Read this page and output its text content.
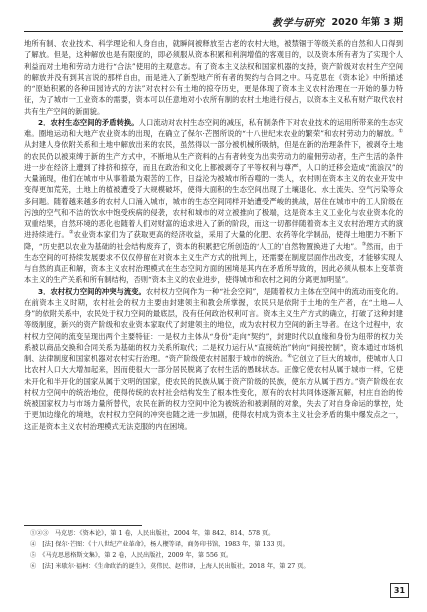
教学与研究 2020 年第 3 期

地所有制、农业技术、科学理论和人身自由，就瞬间被释放至古老的农村大地，被禁锢于等级关系的自然和人口得到了解放。但是，这种解放也是有限度的，即必须服从资本积累和利润增值的客观目的，以及资本所有者为了实现个人利益而对土地和劳动力进行“合法”使用的主观意志。有了资本主义法权和国家机器的支持，资产阶级对农村生产空间的解放并没有到其言说的那样自由，而是进入了新型地产所有者的契约与合同之中。马克思在《资本论》中所描述的“原始积累的各种田园诗式的方法”对农村公有土地的掠夺历史，更是体现了资本主义农村治理在一开始的暴力特征，为了城市一工业资本的需要，资本可以任意地对小农所有制的农村土地进行侵占，以资本主义私有财产取代农村共有生产空间的新面貌。

2．农村生态空间的矛盾转换。人口流动对农村生态空间的减压，私有制条件下对农业技术的运用所带来的生态灾难。圈地运动和大地产农业资本的出现，在确立了保尔·芒图所说的“十八世纪末农业的繁荣”和农村劳动力的解放。①从封建人身依附关系和土地中解放出来的农民，虽然得以一部分被机械所吸纳，但是在新的治理条件下，被剥夺土地的农民仍以被束缚于新的生产方式中，不断地从生产资料的占有者转变为出卖劳动力的雇佣劳动者，生产生活的条件进一步在经济上遭到了排挤和掠夺，而且在政治和文化上都被剥夺了平等权利与尊严，人口的迁移会造成“流浪汉”的大量涌现，他们在城市中从事着最为艰苦的工作，日益沦为被城市所吞噬的一类人，农村则在资本主义的农业开发中变得更加荒芜，土地上的植被遭受了大规模破坏，使得大面积的生态空间出现了土壤退化、水土流失、空气污染等众多问题。随着越来越多的农村人口涌入城市，城市的生态空间同样开始遭受严峻的挑战，居住在城市中的工人阶级在污浊的空气和不洁的饮水中饱受疾病的侵袭，农村和城市的对立被推向了极端，这是资本主义工业化与农业资本化的双重结果，自然环境的恶化也随着人们对财富的追求进入了新的阶段，而这一切都伴随着资本主义农村治理方式的演进持续进行。②农业资本家们为了获取更高的经济收益，采用了大量的化肥、农药等化学制品，使得土地肥力不断下降，“历史把以农业为基础的社会结构废弃了，资本的积累把它所创造的‘人工的’自然物置换进了大地”。③然而，由于生态空间的可持续发展要求不仅仅停留在对资本主义生产方式的批判上，还需要在制度层面作出改变，才能够实现人与自然的真正和解，资本主义农村治理模式在生态空间方面的困境是其内在矛盾所导致的，因此必须从根本上变革资本主义的生产关系和所有制结构，否则“资本主义的农业进步，使得城市和农村之间的分离更加明显”。

3．农村权力空间的冲突与流变。农村权力空间作为一种“社会空间”，是随着权力主体在空间中的流动而变化的。在前资本主义时期，农村社会的权力主要由封建领主和教会所掌握，农民只是依附于土地的生产者，在“土地—人身”的依附关系中，农民处于权力空间的最底层，没有任何政治权利可言。资本主义生产方式的确立，打破了这种封建等级制度，新兴的资产阶级和农业资本家取代了封建领主的地位，成为农村权力空间的新主导者。在这个过程中，农村权力空间的流变呈现出两个主要特征：一是权力主体从“身份”走向“契约”，封建时代以血缘和身份为纽带的权力关系被以商品交换和合同关系为基础的权力关系所取代；二是权力运行从“直接统治”转向“间接控制”，资本通过市场机制、法律制度和国家机器对农村实行治理。“资产阶级使农村屈服于城市的统治。④它创立了巨大的城市，使城市人口比农村人口大大增加起来，因而使很大一部分居民脱离了农村生活的愚昧状态。正像它使农村从属于城市一样，它使未开化和半开化的国家从属于文明的国家，使农民的民族从属于资产阶级的民族，使东方从属于西方。”资产阶级在农村权力空间中的统治地位，使得传统的农村社会结构发生了根本性变化，原有的农村共同体逐渐瓦解，村庄自治的传统被国家权力与市场力量所替代，农民在新的权力空间中沦为被统治和被剥削的对象，失去了对自身命运的掌控，处于更加边缘化的境地，农村权力空间的冲突也随之进一步加剧，使得农村成为资本主义社会矛盾的集中爆发点之一，这正是资本主义农村治理模式无法克服的内在困境。

①②③　马克思：《资本论》，第 1 卷，人民出版社，2004 年，第 842、814、578 页。
④　[法] 保尔·芒图：《十八世纪产业革命》，杨人楩等译，商务印书馆，1983 年，第 133 页。
⑤　《马克思恩格斯文集》，第 2 卷，人民出版社，2009 年，第 556 页。
⑥　[法] 米歇尔·福柯：《生命政治的诞生》，莫伟民、赵伟译，上海人民出版社，2018 年，第 27 页。
31
